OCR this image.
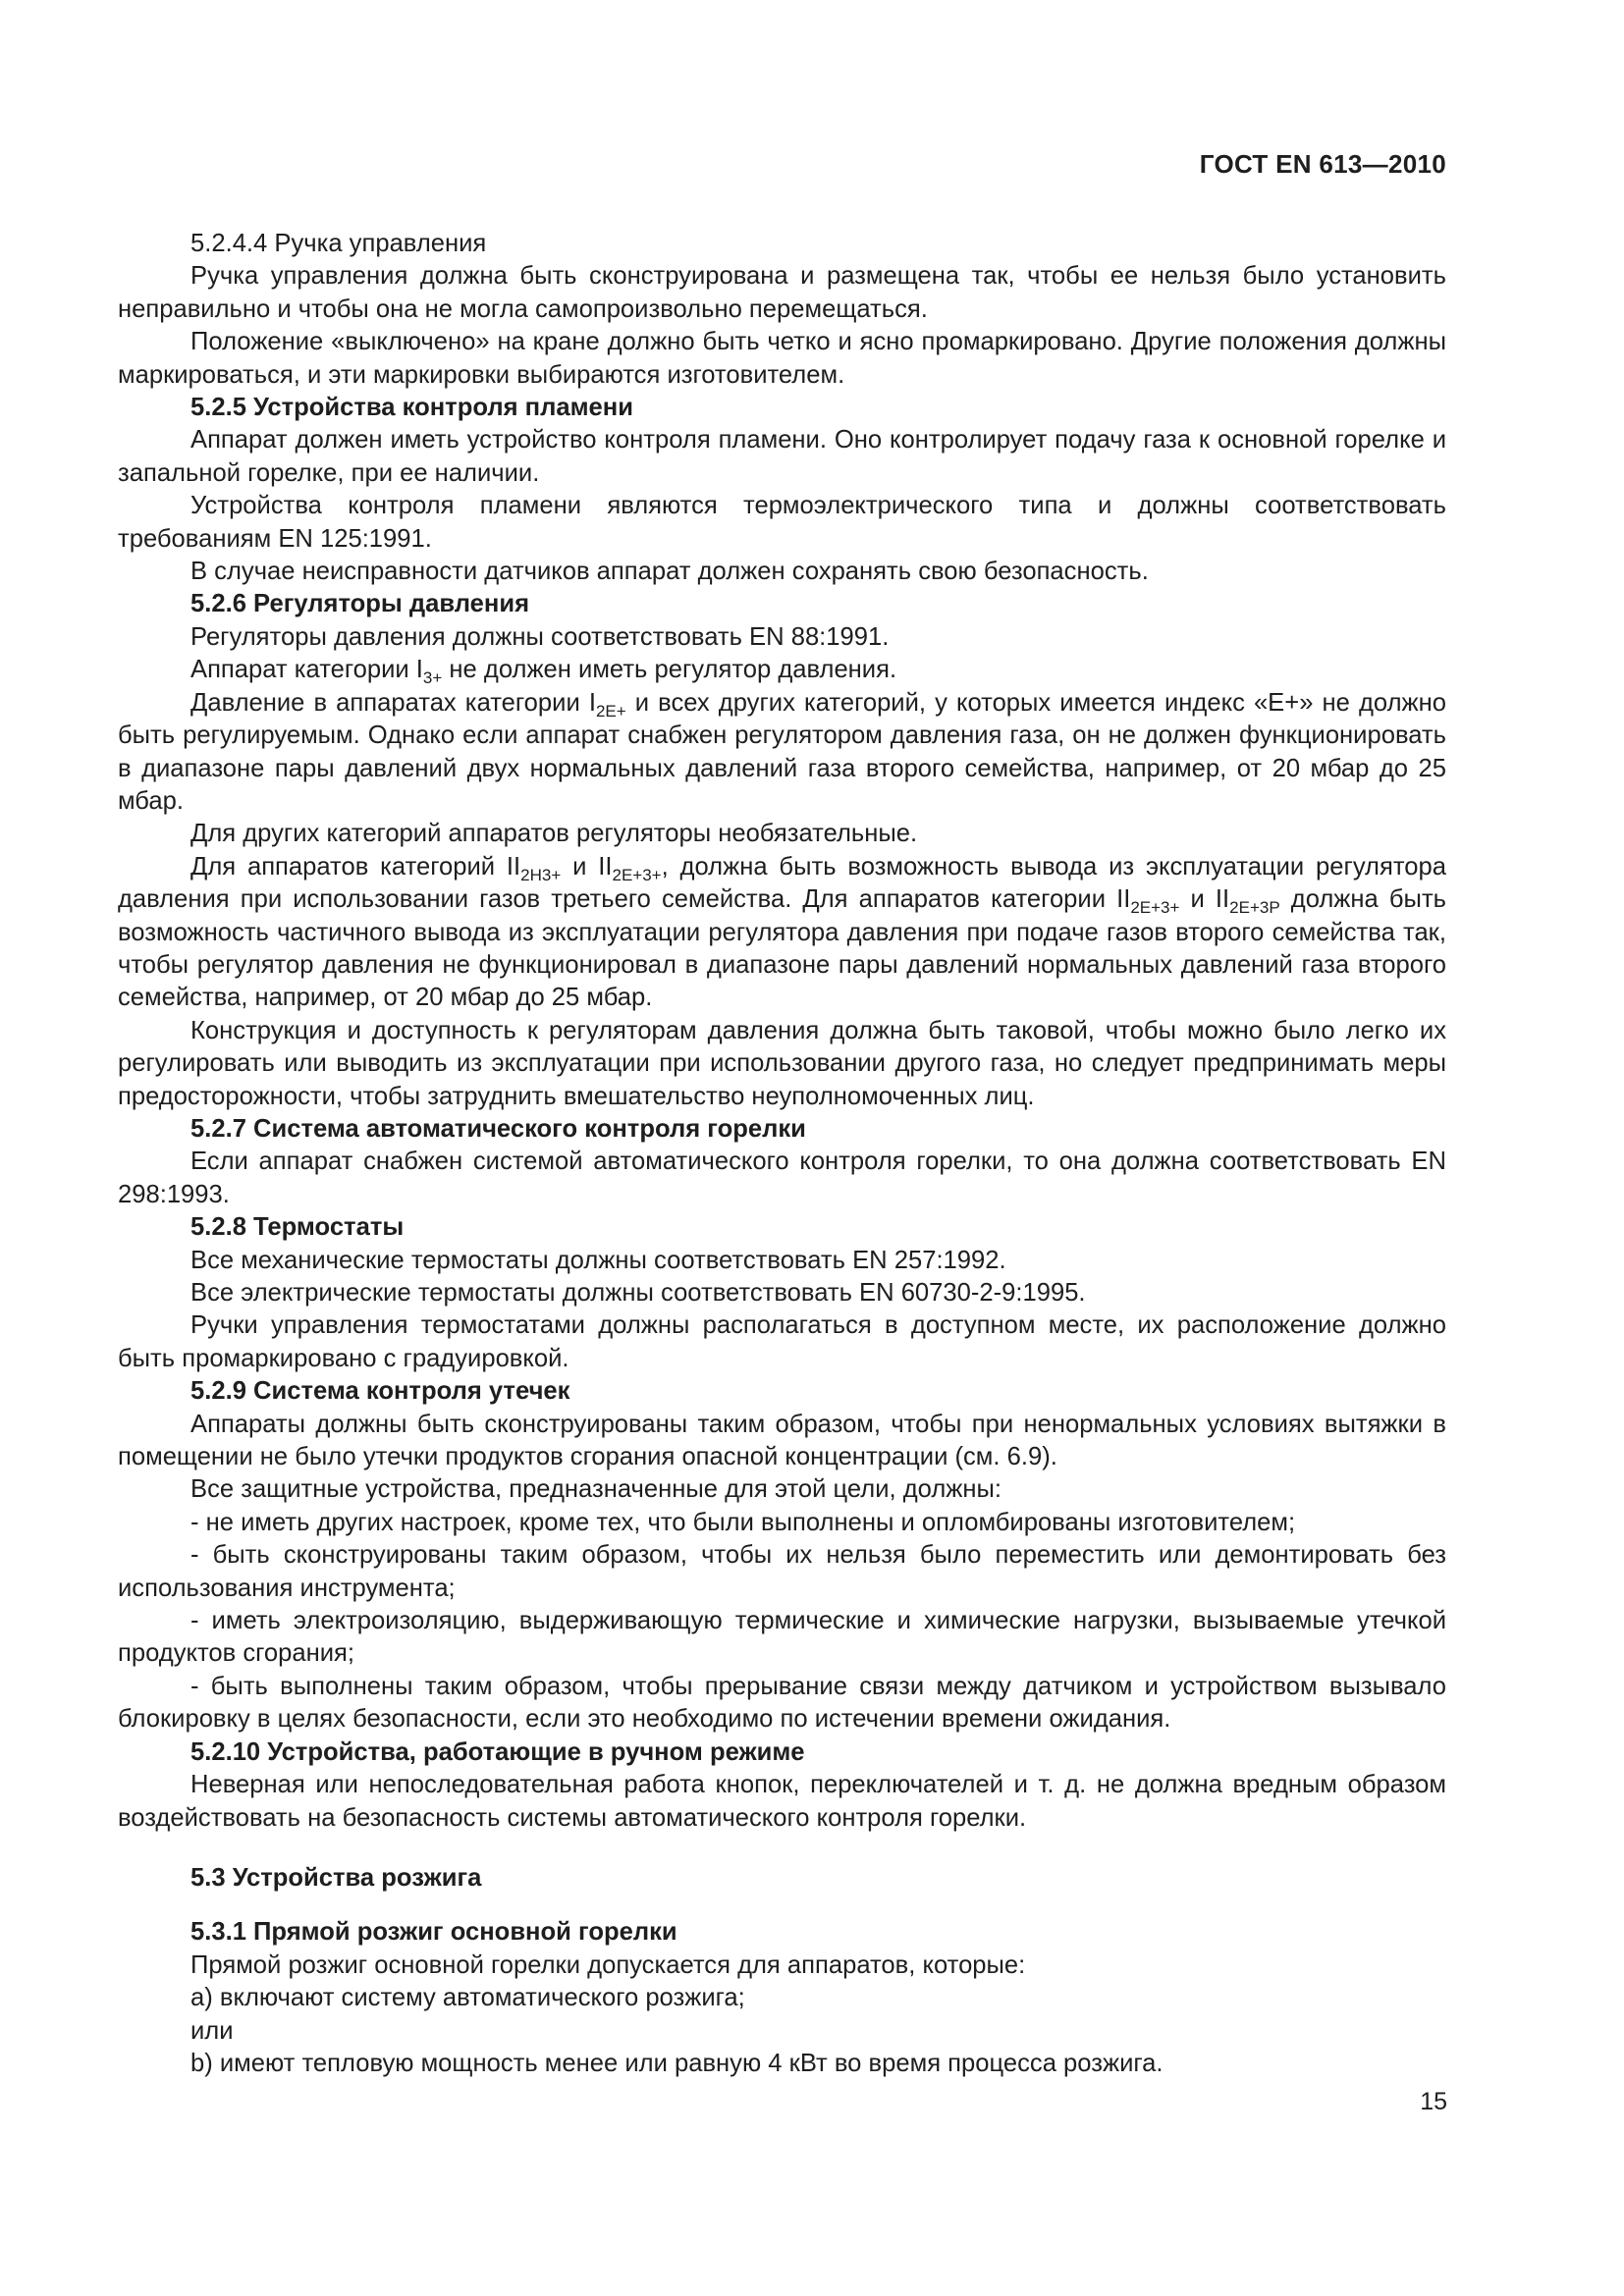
ГОСТ EN 613—2010

5.2.4.4 Ручка управления

Ручка управления должна быть сконструирована и размещена так, чтобы ее нельзя было установить неправильно и чтобы она не могла самопроизвольно перемещаться.

Положение «выключено» на кране должно быть четко и ясно промаркировано. Другие положения должны маркироваться, и эти маркировки выбираются изготовителем.

5.2.5 Устройства контроля пламени

Аппарат должен иметь устройство контроля пламени. Оно контролирует подачу газа к основной горелке и запальной горелке, при ее наличии.

Устройства контроля пламени являются термоэлектрического типа и должны соответствовать требованиям EN 125:1991.

В случае неисправности датчиков аппарат должен сохранять свою безопасность.

5.2.6 Регуляторы давления

Регуляторы давления должны соответствовать EN 88:1991.

Аппарат категории $I_{3+}$ не должен иметь регулятор давления.

Давление в аппаратах категории $I_{2E+}$ и всех других категорий, у которых имеется индекс «E+» не должно быть регулируемым. Однако если аппарат снабжен регулятором давления газа, он не должен функционировать в диапазоне пары давлений двух нормальных давлений газа второго семейства, например, от 20 мбар до 25 мбар.

Для других категорий аппаратов регуляторы необязательные.

Для аппаратов категорий $II_{2H3+}$ и $II_{2E+3+}$, должна быть возможность вывода из эксплуатации регулятора давления при использовании газов третьего семейства. Для аппаратов категории $II_{2E+3+}$ и $II_{2E+3P}$ должна быть возможность частичного вывода из эксплуатации регулятора давления при подаче газов второго семейства так, чтобы регулятор давления не функционировал в диапазоне пары давлений нормальных давлений газа второго семейства, например, от 20 мбар до 25 мбар.

Конструкция и доступность к регуляторам давления должна быть таковой, чтобы можно было легко их регулировать или выводить из эксплуатации при использовании другого газа, но следует предпринимать меры предосторожности, чтобы затруднить вмешательство неуполномоченных лиц.

5.2.7 Система автоматического контроля горелки

Если аппарат снабжен системой автоматического контроля горелки, то она должна соответствовать EN 298:1993.

5.2.8 Термостаты

Все механические термостаты должны соответствовать EN 257:1992.

Все электрические термостаты должны соответствовать EN 60730-2-9:1995.

Ручки управления термостатами должны располагаться в доступном месте, их расположение должно быть промаркировано с градуировкой.

5.2.9 Система контроля утечек

Аппараты должны быть сконструированы таким образом, чтобы при ненормальных условиях вытяжки в помещении не было утечки продуктов сгорания опасной концентрации (см. 6.9).

Все защитные устройства, предназначенные для этой цели, должны:

- не иметь других настроек, кроме тех, что были выполнены и опломбированы изготовителем;

- быть сконструированы таким образом, чтобы их нельзя было переместить или демонтировать без использования инструмента;

- иметь электроизоляцию, выдерживающую термические и химические нагрузки, вызываемые утечкой продуктов сгорания;

- быть выполнены таким образом, чтобы прерывание связи между датчиком и устройством вызывало блокировку в целях безопасности, если это необходимо по истечении времени ожидания.

5.2.10 Устройства, работающие в ручном режиме

Неверная или непоследовательная работа кнопок, переключателей и т. д. не должна вредным образом воздействовать на безопасность системы автоматического контроля горелки.

5.3 Устройства розжига

5.3.1 Прямой розжиг основной горелки

Прямой розжиг основной горелки допускается для аппаратов, которые:

a) включают систему автоматического розжига;

или

b) имеют тепловую мощность менее или равную 4 кВт во время процесса розжига.

15
